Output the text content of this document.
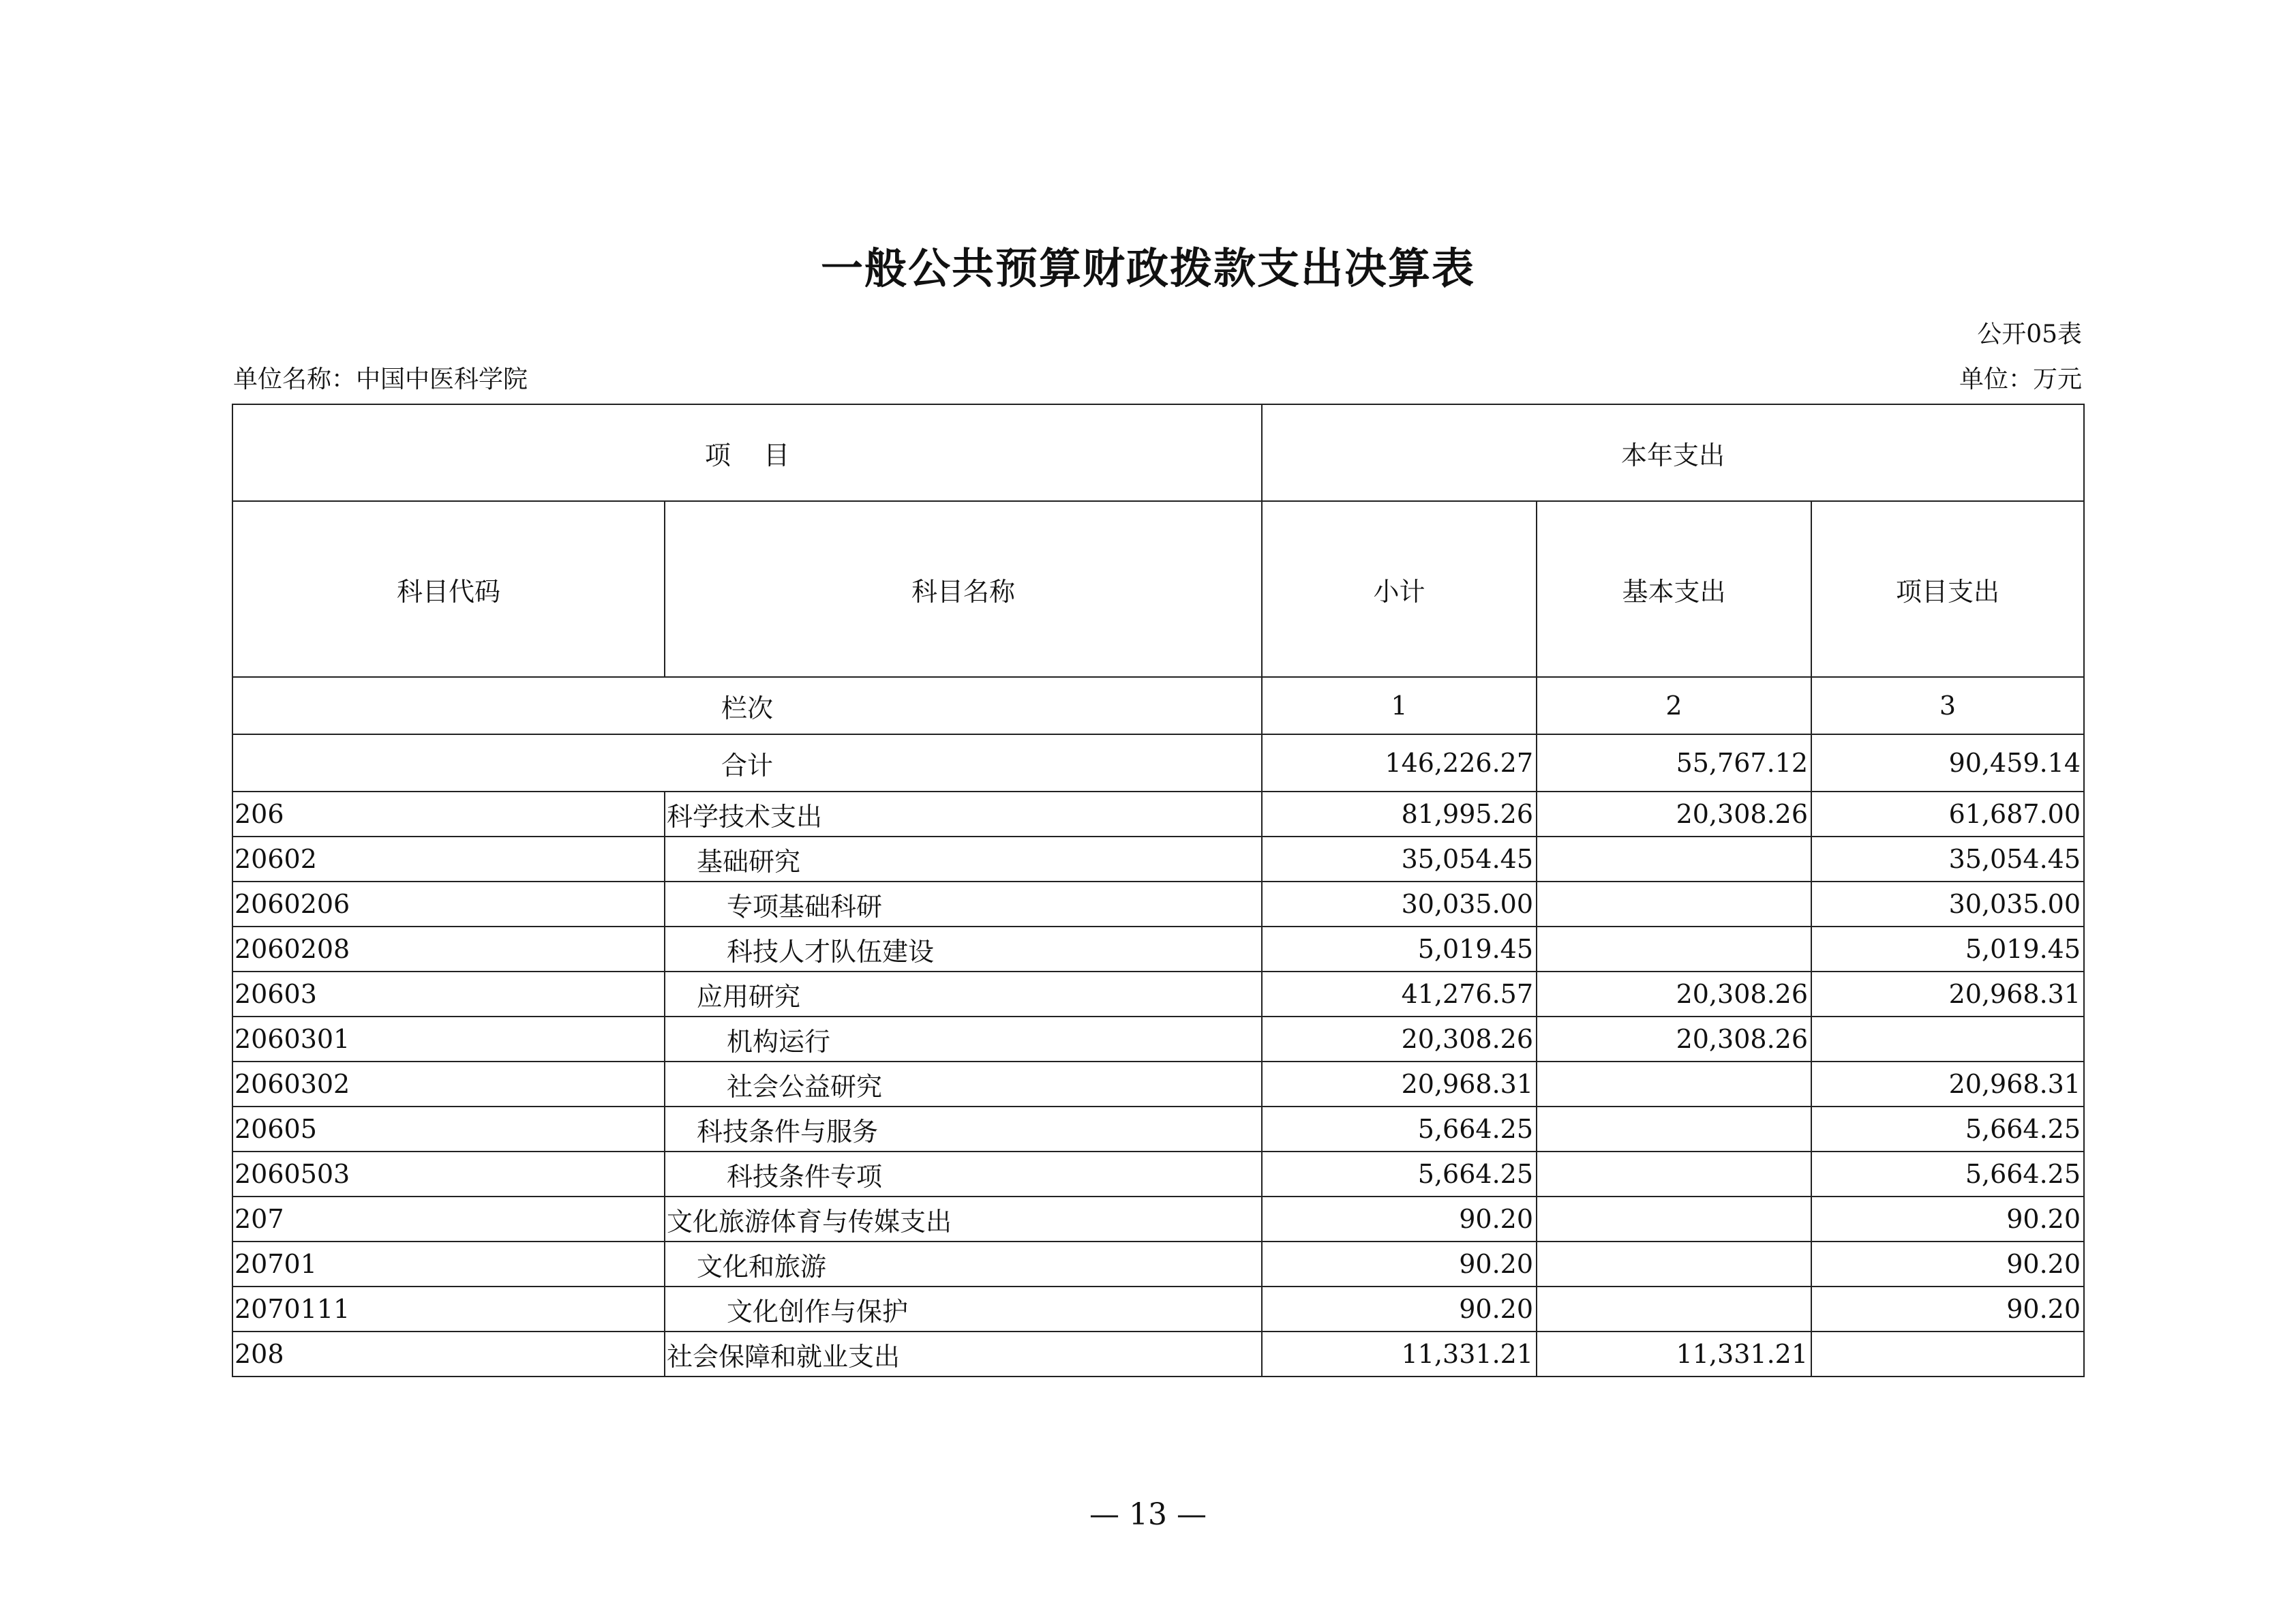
一般公共预算财政拨款支出决算表
公开05表
单位名称：中国中医科学院	单位：万元
项    目		本年支出		
科目代码	科目名称	小计	基本支出	项目支出
栏次		1	2	3
合计		146,226.27	55,767.12	90,459.14
206	科学技术支出	81,995.26	20,308.26	61,687.00
20602	基础研究	35,054.45		35,054.45
2060206	专项基础科研	30,035.00		30,035.00
2060208	科技人才队伍建设	5,019.45		5,019.45
20603	应用研究	41,276.57	20,308.26	20,968.31
2060301	机构运行	20,308.26	20,308.26	
2060302	社会公益研究	20,968.31		20,968.31
20605	科技条件与服务	5,664.25		5,664.25
2060503	科技条件专项	5,664.25		5,664.25
207	文化旅游体育与传媒支出	90.20		90.20
20701	文化和旅游	90.20		90.20
2070111	文化创作与保护	90.20		90.20
208	社会保障和就业支出	11,331.21	11,331.21	
— 13 —
